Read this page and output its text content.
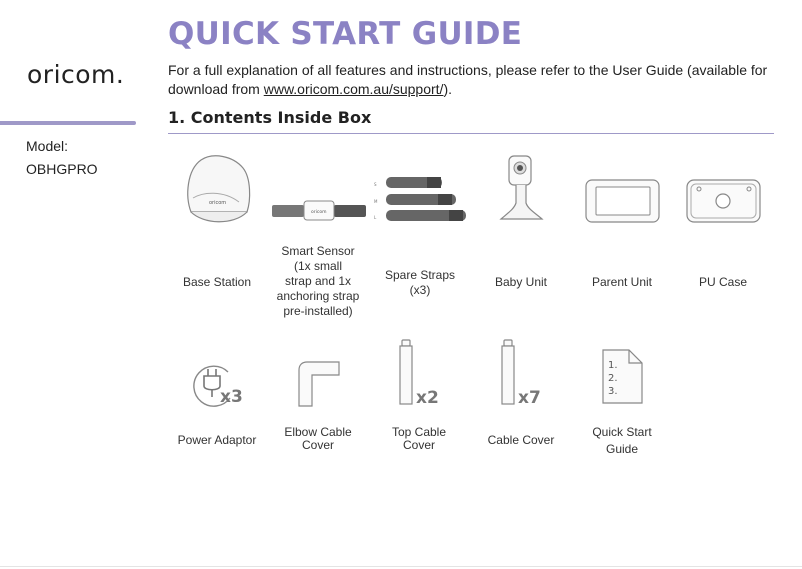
oricom.
Model:
OBHGPRO
QUICK START GUIDE
For a full explanation of all features and instructions, please refer to the User Guide (available for download from www.oricom.com.au/support/).
1. Contents Inside Box
oricom
oricom
S
M
L
Base Station
Smart Sensor
(1x small
strap and 1x
anchoring strap
pre-installed)
Spare Straps
(x3)
Baby Unit	Parent Unit	PU Case
x3	x2	x7
1.
2.
3.
Power Adaptor
Elbow Cable
Cover
Top Cable
Cover	Cable Cover
Quick Start
Guide
